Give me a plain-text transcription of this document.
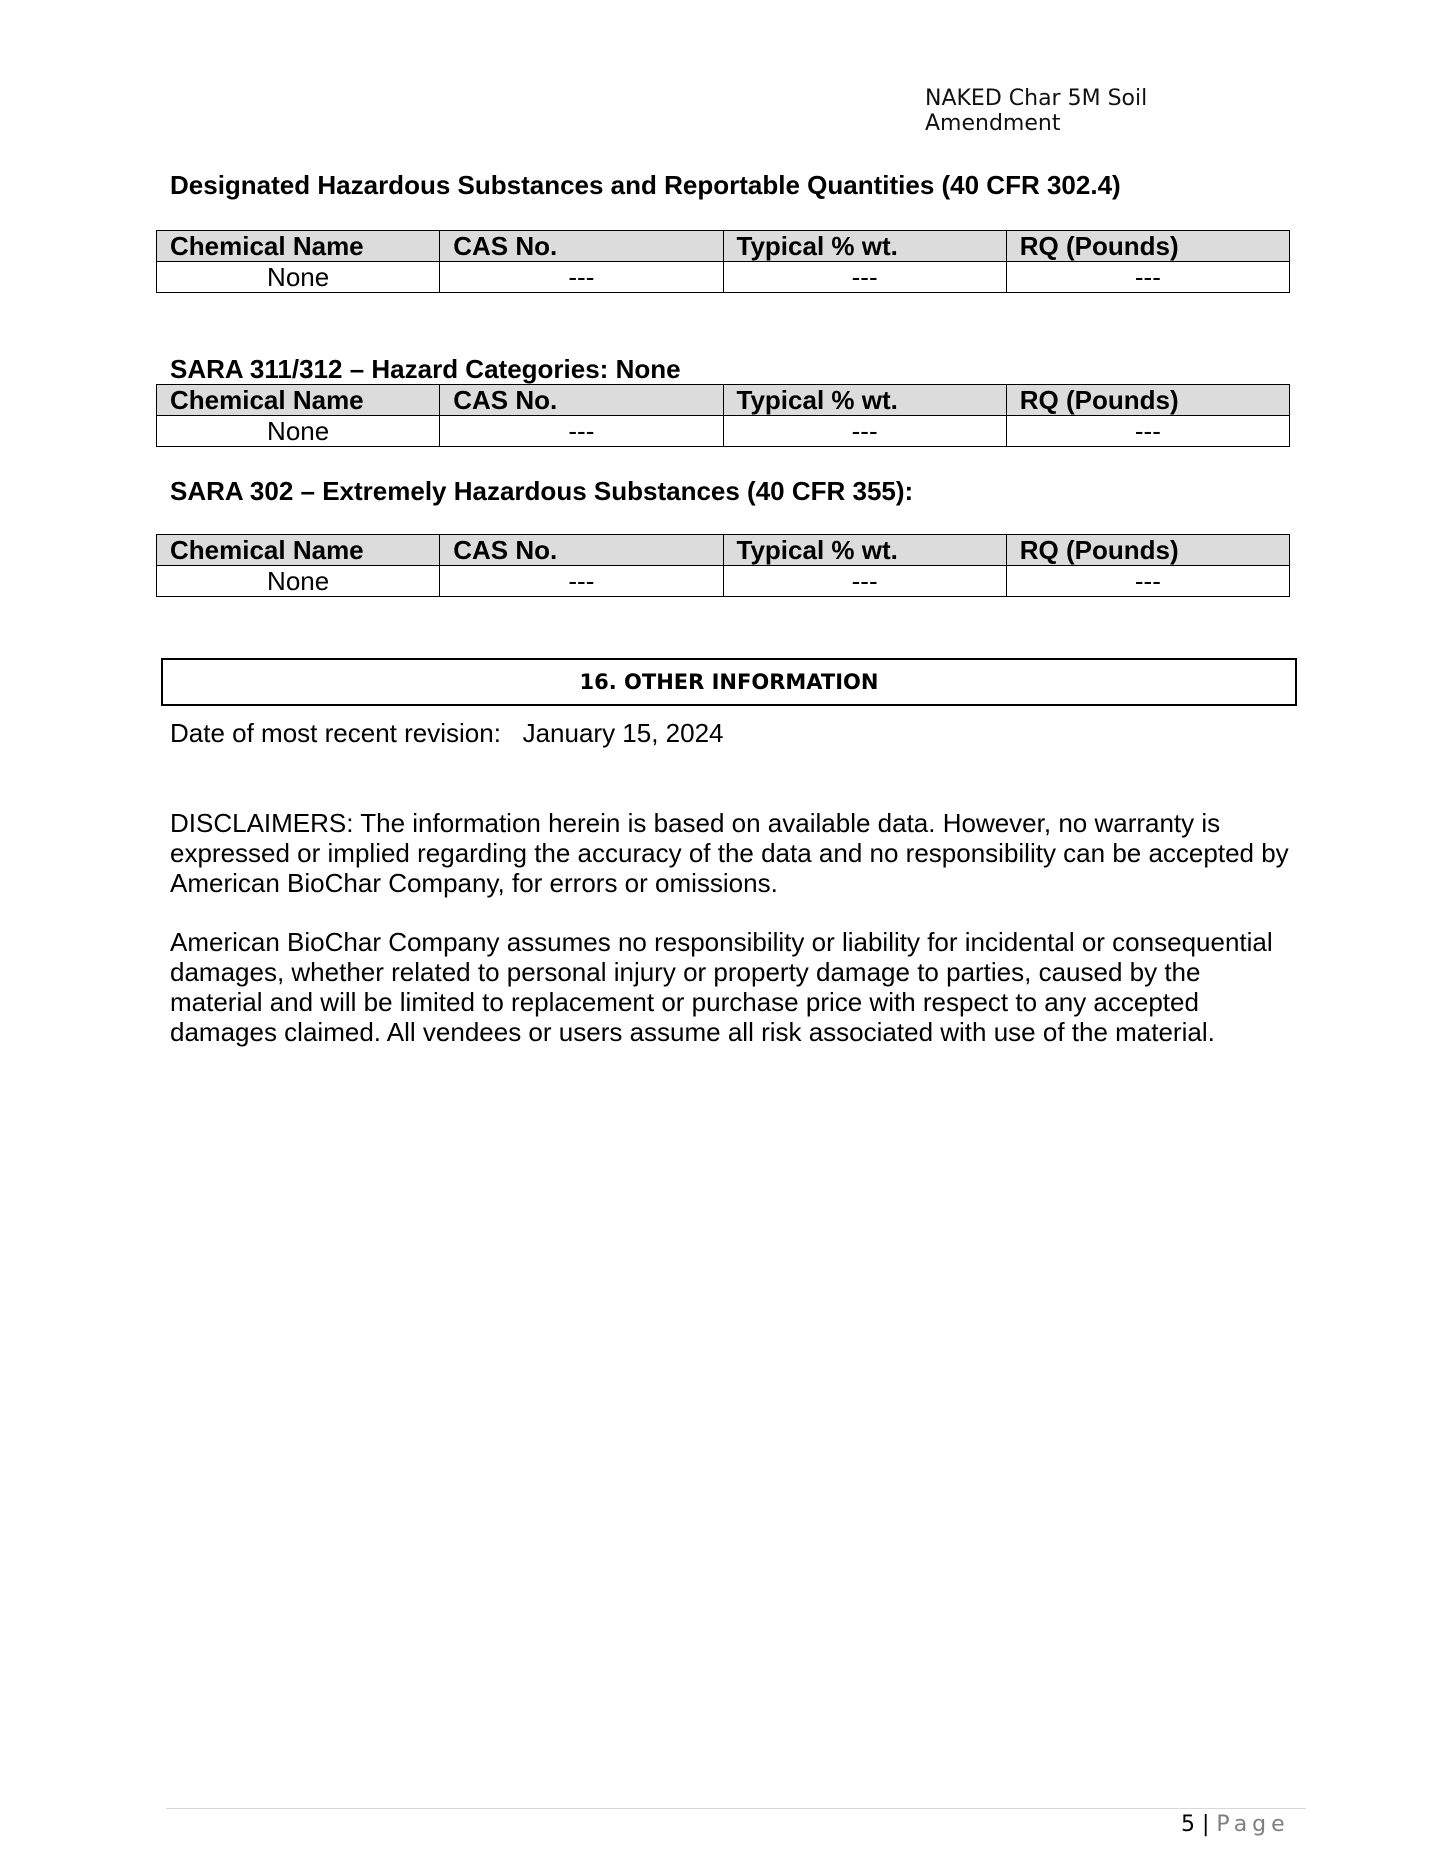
NAKED Char 5M Soil Amendment
Designated Hazardous Substances and Reportable Quantities (40 CFR 302.4)
Chemical Name	CAS No.	Typical % wt.	RQ (Pounds)
None	---	---	---
SARA 311/312 – Hazard Categories: None
Chemical Name	CAS No.	Typical % wt.	RQ (Pounds)
None	---	---	---
SARA 302 – Extremely Hazardous Substances (40 CFR 355):
Chemical Name	CAS No.	Typical % wt.	RQ (Pounds)
None	---	---	---
16. OTHER INFORMATION
Date of most recent revision:   January 15, 2024
DISCLAIMERS: The information herein is based on available data. However, no warranty is expressed or implied regarding the accuracy of the data and no responsibility can be accepted by American BioChar Company, for errors or omissions.
American BioChar Company assumes no responsibility or liability for incidental or consequential damages, whether related to personal injury or property damage to parties, caused by the material and will be limited to replacement or purchase price with respect to any accepted damages claimed. All vendees or users assume all risk associated with use of the material.
5 | Page
